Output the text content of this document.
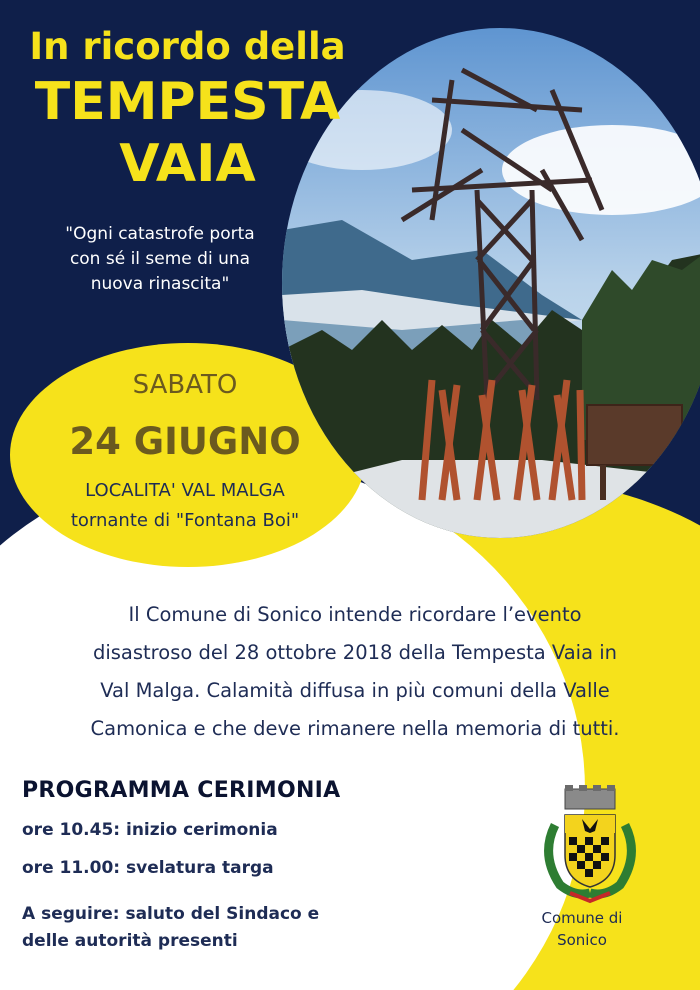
In ricordo della
TEMPESTA
VAIA
"Ogni catastrofe porta
con sé il seme di una
nuova rinascita"
SABATO
24 GIUGNO
LOCALITA' VAL MALGA
tornante di "Fontana Boi"
Il Comune di Sonico intende ricordare l’evento
disastroso del 28 ottobre 2018 della Tempesta Vaia in
Val Malga. Calamità diffusa in più comuni della Valle
Camonica e che deve rimanere nella memoria di tutti.
PROGRAMMA CERIMONIA
ore 10.45: inizio cerimonia
ore 11.00: svelatura targa
A seguire: saluto del Sindaco e
delle autorità presenti
Comune di
Sonico
